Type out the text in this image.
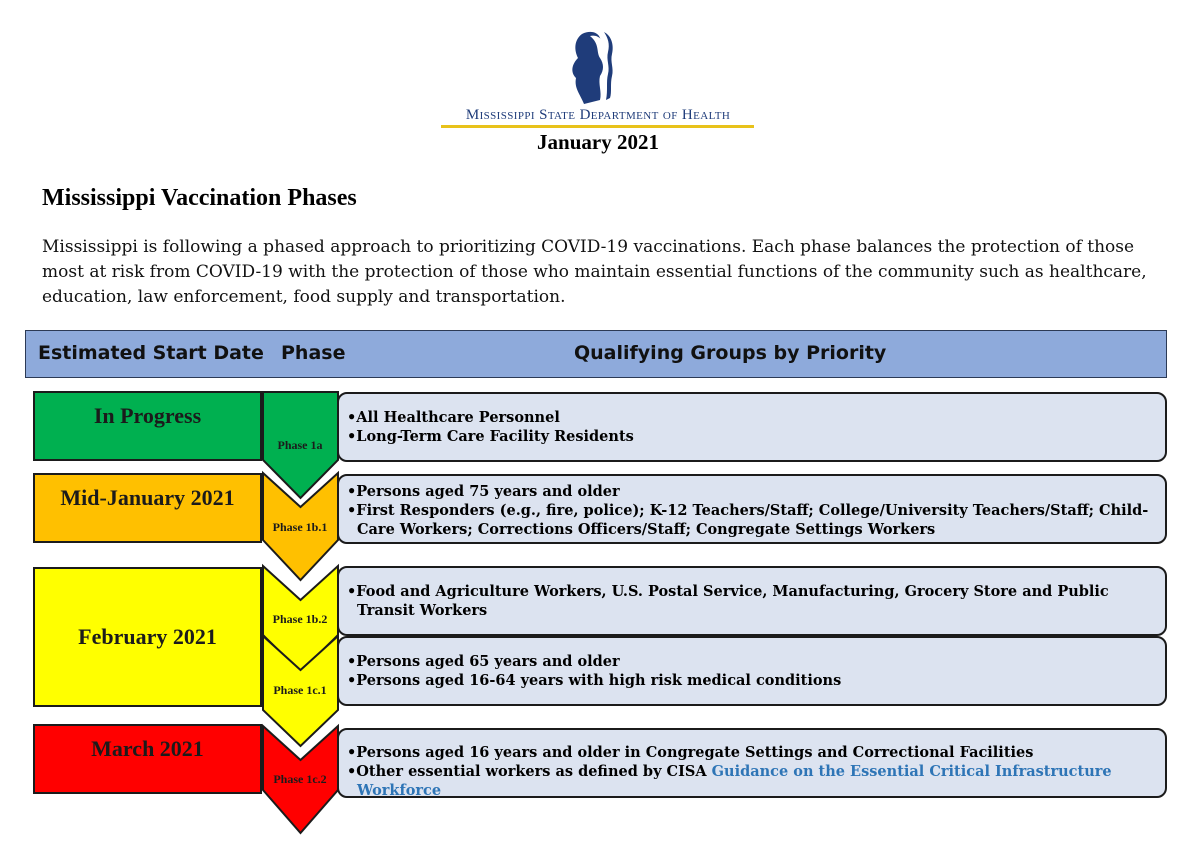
Mississippi State Department of Health
January 2021
Mississippi Vaccination Phases
Mississippi is following a phased approach to prioritizing COVID-19 vaccinations. Each phase balances the protection of those most at risk from COVID-19 with the protection of those who maintain essential functions of the community such as healthcare, education, law enforcement, food supply and transportation.
Estimated Start Date Phase	Qualifying Groups by Priority
In Progress
Mid-January 2021
February 2021
March 2021
Phase 1a
Phase 1b.1
Phase 1b.2
Phase 1c.1
Phase 1c.2
• All Healthcare Personnel
• Long-Term Care Facility Residents
• Persons aged 75 years and older
• First Responders (e.g., fire, police); K-12 Teachers/Staff; College/University Teachers/Staff; Child-Care Workers; Corrections Officers/Staff; Congregate Settings Workers
• Food and Agriculture Workers, U.S. Postal Service, Manufacturing, Grocery Store and Public Transit Workers
• Persons aged 65 years and older
• Persons aged 16-64 years with high risk medical conditions
• Persons aged 16 years and older in Congregate Settings and Correctional Facilities
• Other essential workers as defined by CISA Guidance on the Essential Critical Infrastructure Workforce
